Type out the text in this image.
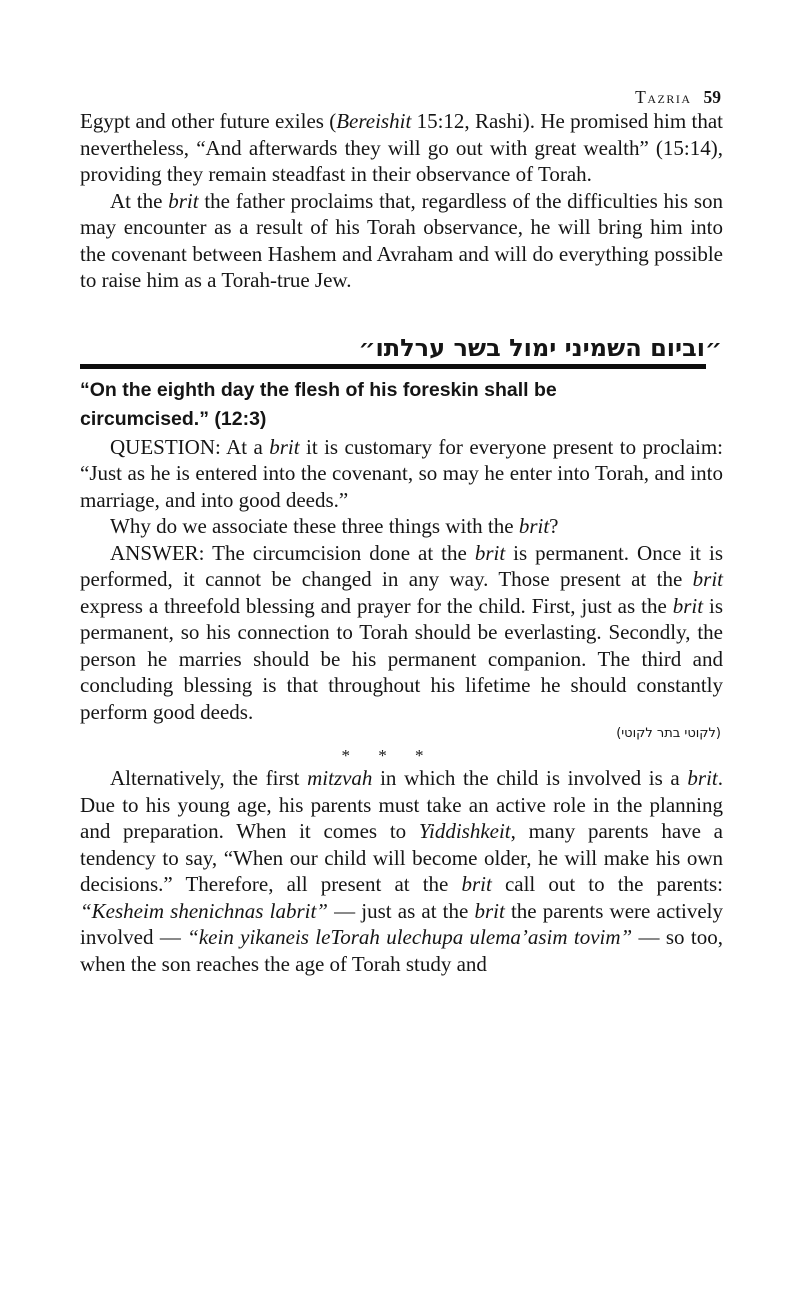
Tazria 59

Egypt and other future exiles (Bereishit 15:12, Rashi). He promised him that nevertheless, “And afterwards they will go out with great wealth” (15:14), providing they remain steadfast in their observance of Torah.

At the brit the father proclaims that, regardless of the difficulties his son may encounter as a result of his Torah observance, he will bring him into the covenant between Hashem and Avraham and will do everything possible to raise him as a Torah-true Jew.

״וביום השמיני ימול בשר ערלתו״
“On the eighth day the flesh of his foreskin shall be circumcised.” (12:3)

QUESTION: At a brit it is customary for everyone present to proclaim: “Just as he is entered into the covenant, so may he enter into Torah, and into marriage, and into good deeds.”

Why do we associate these three things with the brit?

ANSWER: The circumcision done at the brit is permanent. Once it is performed, it cannot be changed in any way. Those present at the brit express a threefold blessing and prayer for the child. First, just as the brit is permanent, so his connection to Torah should be everlasting. Secondly, the person he marries should be his permanent companion. The third and concluding blessing is that throughout his lifetime he should constantly perform good deeds.

(לקוטי בתר לקוטי)
* * *

Alternatively, the first mitzvah in which the child is involved is a brit. Due to his young age, his parents must take an active role in the planning and preparation. When it comes to Yiddishkeit, many parents have a tendency to say, “When our child will become older, he will make his own decisions.” Therefore, all present at the brit call out to the parents: “Kesheim shenichnas labrit” — just as at the brit the parents were actively involved — “kein yikaneis leTorah ulechupa ulema’asim tovim” — so too, when the son reaches the age of Torah study and
